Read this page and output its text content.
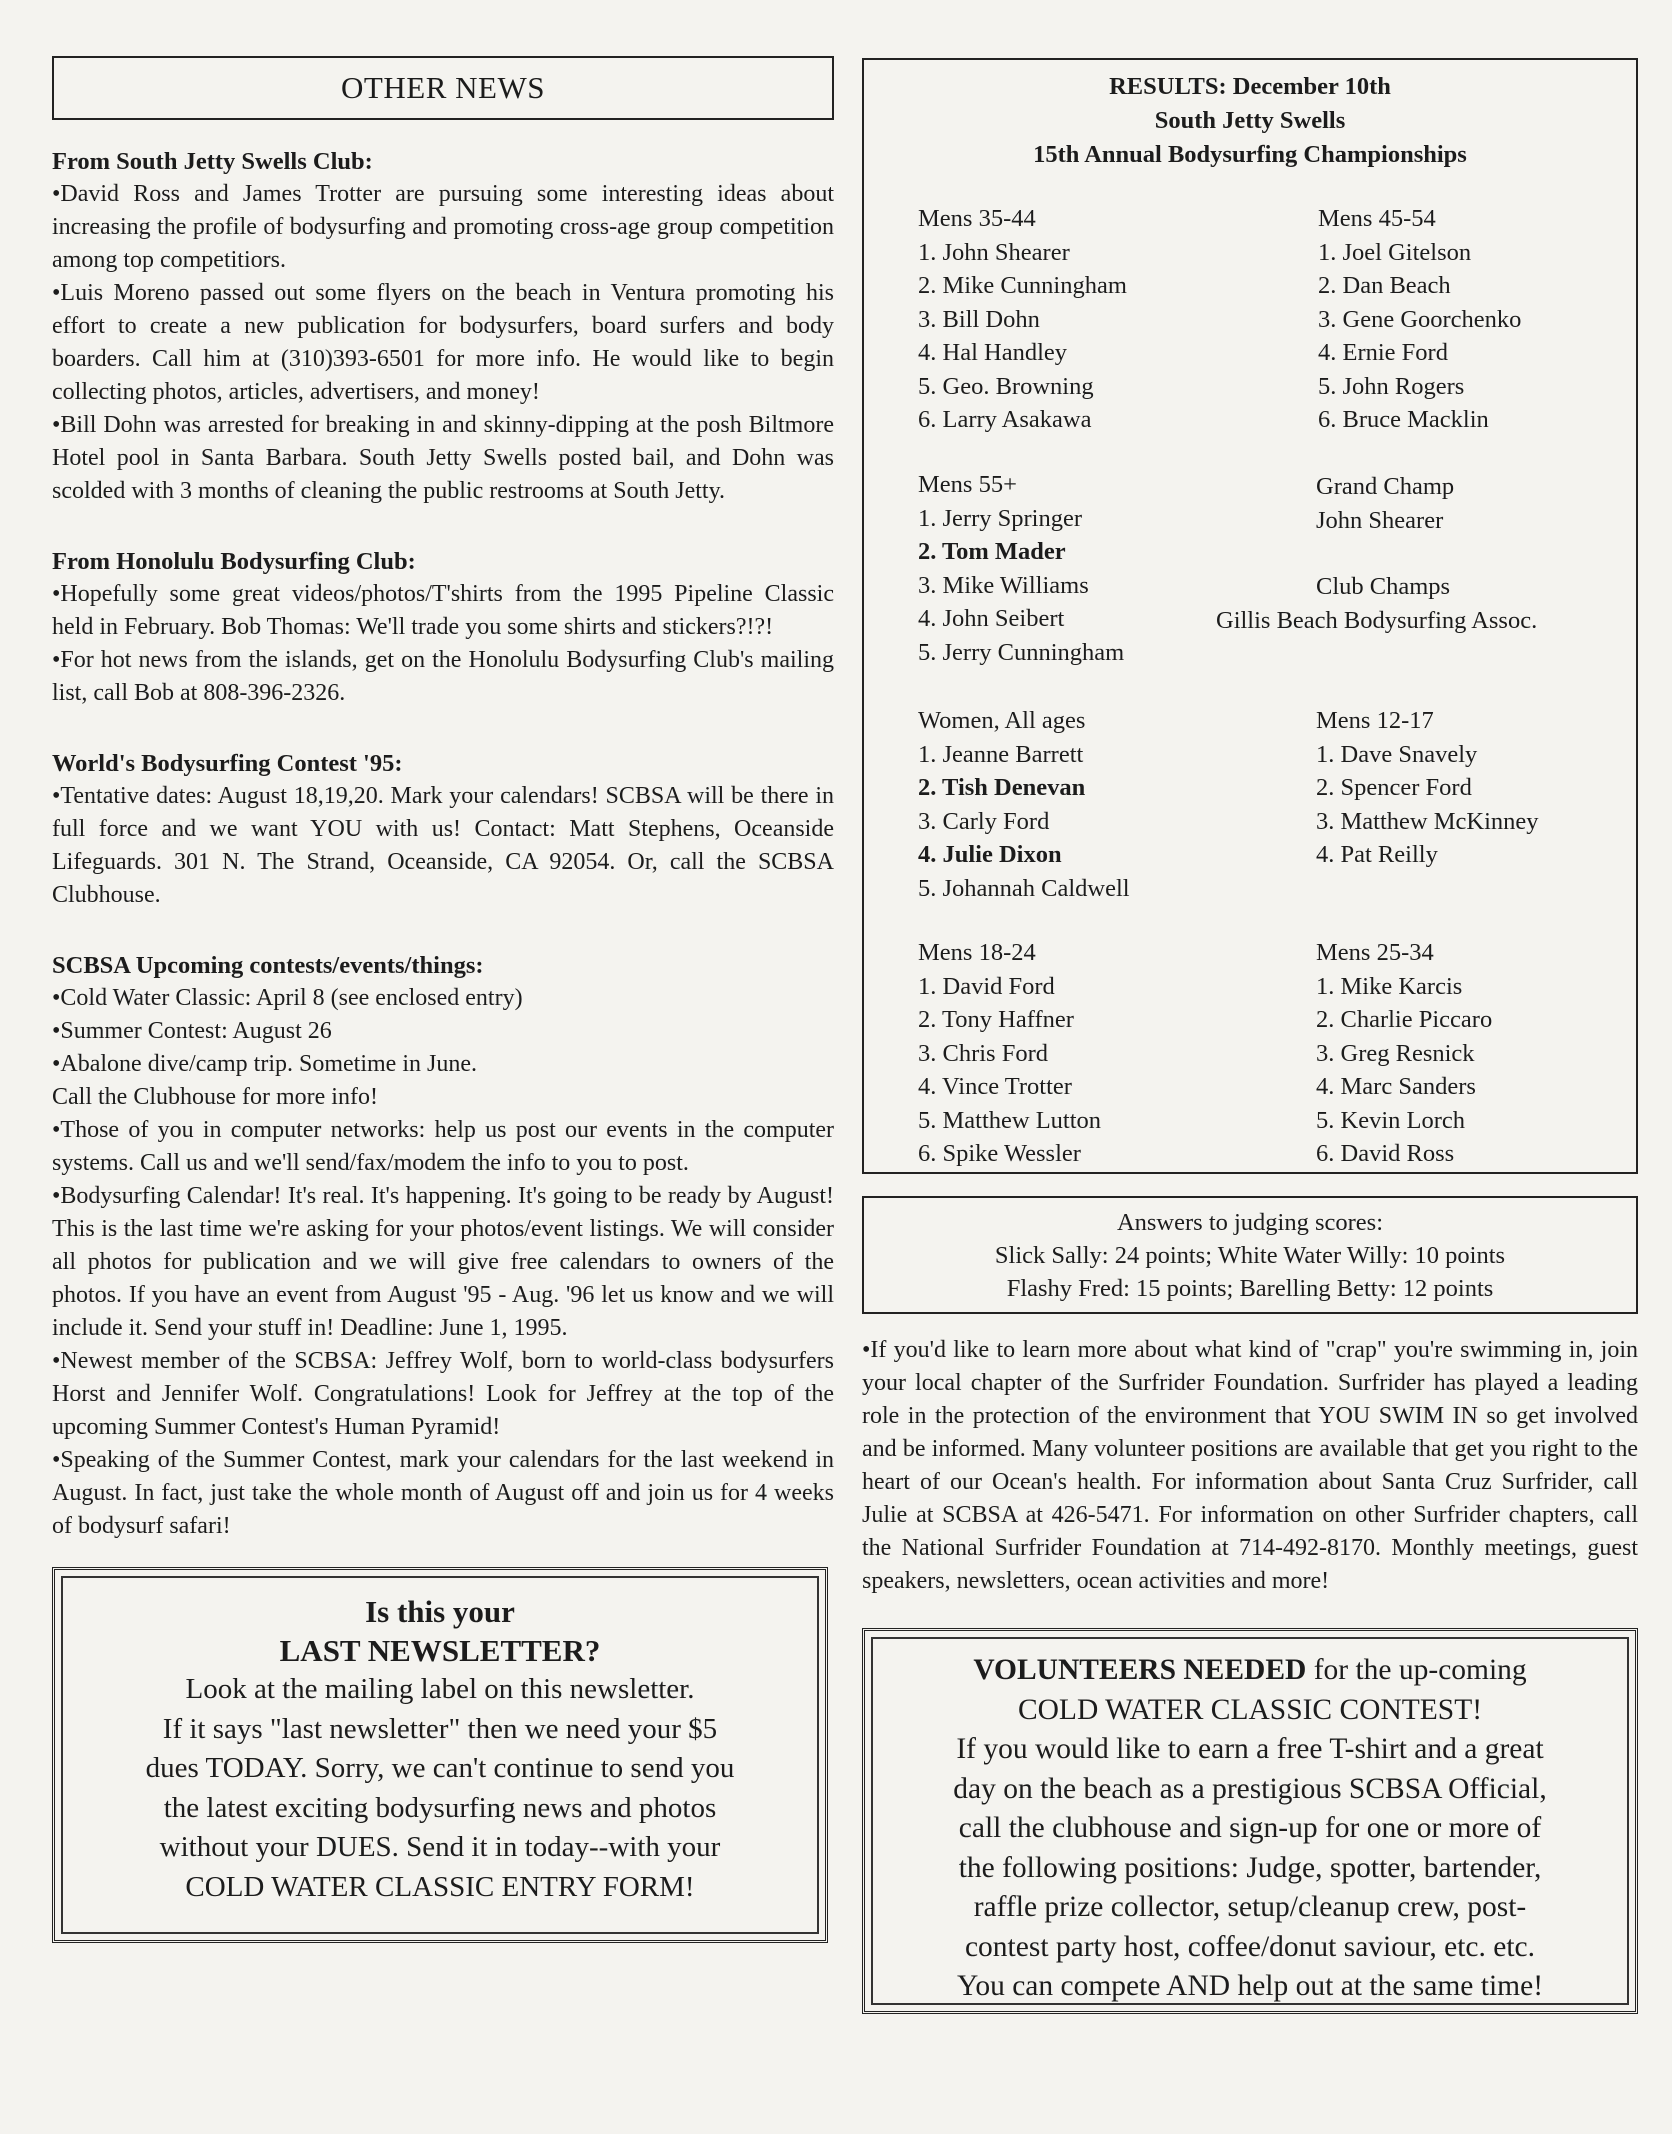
OTHER NEWS
From South Jetty Swells Club:

•David Ross and James Trotter are pursuing some interesting ideas about increasing the profile of bodysurfing and promoting cross-age group competition among top competitiors.

•Luis Moreno passed out some flyers on the beach in Ventura promoting his effort to create a new publication for bodysurfers, board surfers and body boarders. Call him at (310)393-6501 for more info. He would like to begin collecting photos, articles, advertisers, and money!

•Bill Dohn was arrested for breaking in and skinny-dipping at the posh Biltmore Hotel pool in Santa Barbara. South Jetty Swells posted bail, and Dohn was scolded with 3 months of cleaning the public restrooms at South Jetty.

From Honolulu Bodysurfing Club:

•Hopefully some great videos/photos/T'shirts from the 1995 Pipeline Classic held in February. Bob Thomas: We'll trade you some shirts and stickers?!?!

•For hot news from the islands, get on the Honolulu Bodysurfing Club's mailing list, call Bob at 808-396-2326.

World's Bodysurfing Contest '95:

•Tentative dates: August 18,19,20. Mark your calendars! SCBSA will be there in full force and we want YOU with us! Contact: Matt Stephens, Oceanside Lifeguards. 301 N. The Strand, Oceanside, CA 92054. Or, call the SCBSA Clubhouse.

SCBSA Upcoming contests/events/things:

•Cold Water Classic: April 8 (see enclosed entry)

•Summer Contest: August 26

•Abalone dive/camp trip. Sometime in June.

Call the Clubhouse for more info!

•Those of you in computer networks: help us post our events in the computer systems. Call us and we'll send/fax/modem the info to you to post.

•Bodysurfing Calendar! It's real. It's happening. It's going to be ready by August! This is the last time we're asking for your photos/event listings. We will consider all photos for publication and we will give free calendars to owners of the photos. If you have an event from August '95 - Aug. '96 let us know and we will include it. Send your stuff in! Deadline: June 1, 1995.

•Newest member of the SCBSA: Jeffrey Wolf, born to world-class bodysurfers Horst and Jennifer Wolf. Congratulations! Look for Jeffrey at the top of the upcoming Summer Contest's Human Pyramid!

•Speaking of the Summer Contest, mark your calendars for the last weekend in August. In fact, just take the whole month of August off and join us for 4 weeks of bodysurf safari!

Is this your
LAST NEWSLETTER?

Look at the mailing label on this newsletter.

If it says "last newsletter" then we need your $5

dues TODAY. Sorry, we can't continue to send you

the latest exciting bodysurfing news and photos

without your DUES. Send it in today--with your

COLD WATER CLASSIC ENTRY FORM!

RESULTS: December 10th
South Jetty Swells
15th Annual Bodysurfing Championships
Mens 35-44
1. John Shearer
2. Mike Cunningham
3. Bill Dohn
4. Hal Handley
5. Geo. Browning
6. Larry Asakawa
Mens 45-54
1. Joel Gitelson
2. Dan Beach
3. Gene Goorchenko
4. Ernie Ford
5. John Rogers
6. Bruce Macklin
Mens 55+
1. Jerry Springer
2. Tom Mader
3. Mike Williams
4. John Seibert
5. Jerry Cunningham
Grand Champ
John Shearer
Club Champs
Gillis Beach Bodysurfing Assoc.
Women, All ages
1. Jeanne Barrett
2. Tish Denevan
3. Carly Ford
4. Julie Dixon
5. Johannah Caldwell
Mens 12-17
1. Dave Snavely
2. Spencer Ford
3. Matthew McKinney
4. Pat Reilly
Mens 18-24
1. David Ford
2. Tony Haffner
3. Chris Ford
4. Vince Trotter
5. Matthew Lutton
6. Spike Wessler
Mens 25-34
1. Mike Karcis
2. Charlie Piccaro
3. Greg Resnick
4. Marc Sanders
5. Kevin Lorch
6. David Ross
Answers to judging scores:
Slick Sally: 24 points; White Water Willy: 10 points
Flashy Fred: 15 points; Barelling Betty: 12 points

•If you'd like to learn more about what kind of "crap" you're swimming in, join your local chapter of the Surfrider Foundation. Surfrider has played a leading role in the protection of the environment that YOU SWIM IN so get involved and be informed. Many volunteer positions are available that get you right to the heart of our Ocean's health. For information about Santa Cruz Surfrider, call Julie at SCBSA at 426-5471. For information on other Surfrider chapters, call the National Surfrider Foundation at 714-492-8170. Monthly meetings, guest speakers, newsletters, ocean activities and more!

VOLUNTEERS NEEDED for the up-coming

COLD WATER CLASSIC CONTEST!

If you would like to earn a free T-shirt and a great

day on the beach as a prestigious SCBSA Official,

call the clubhouse and sign-up for one or more of

the following positions: Judge, spotter, bartender,

raffle prize collector, setup/cleanup crew, post-

contest party host, coffee/donut saviour, etc. etc.

You can compete AND help out at the same time!
